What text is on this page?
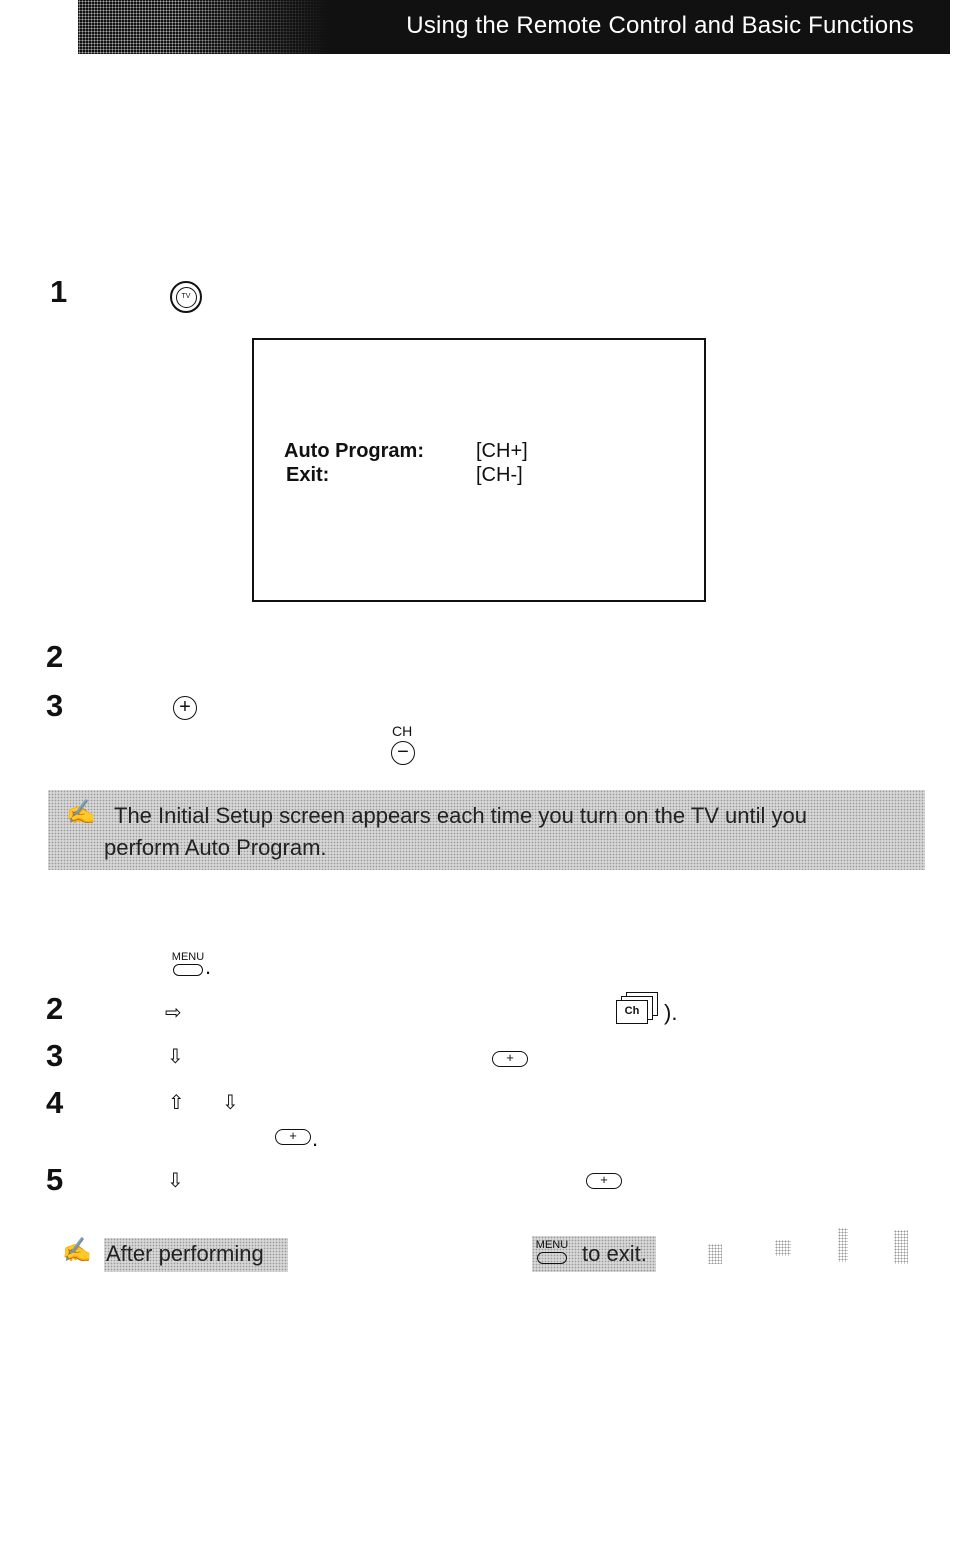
Using the Remote Control and Basic Functions
1	TV
Auto Program:	[CH+]
Exit:	[CH-]
2
3	+
CH
−
✍ The Initial Setup screen appears each time you turn on the TV until you
perform Auto Program.
MENU .
2	⇨	Ch	).
3	⇩	+
4	⇧ ⇩
+ .
5	⇩	+
✍ After performing	MENU to exit.
